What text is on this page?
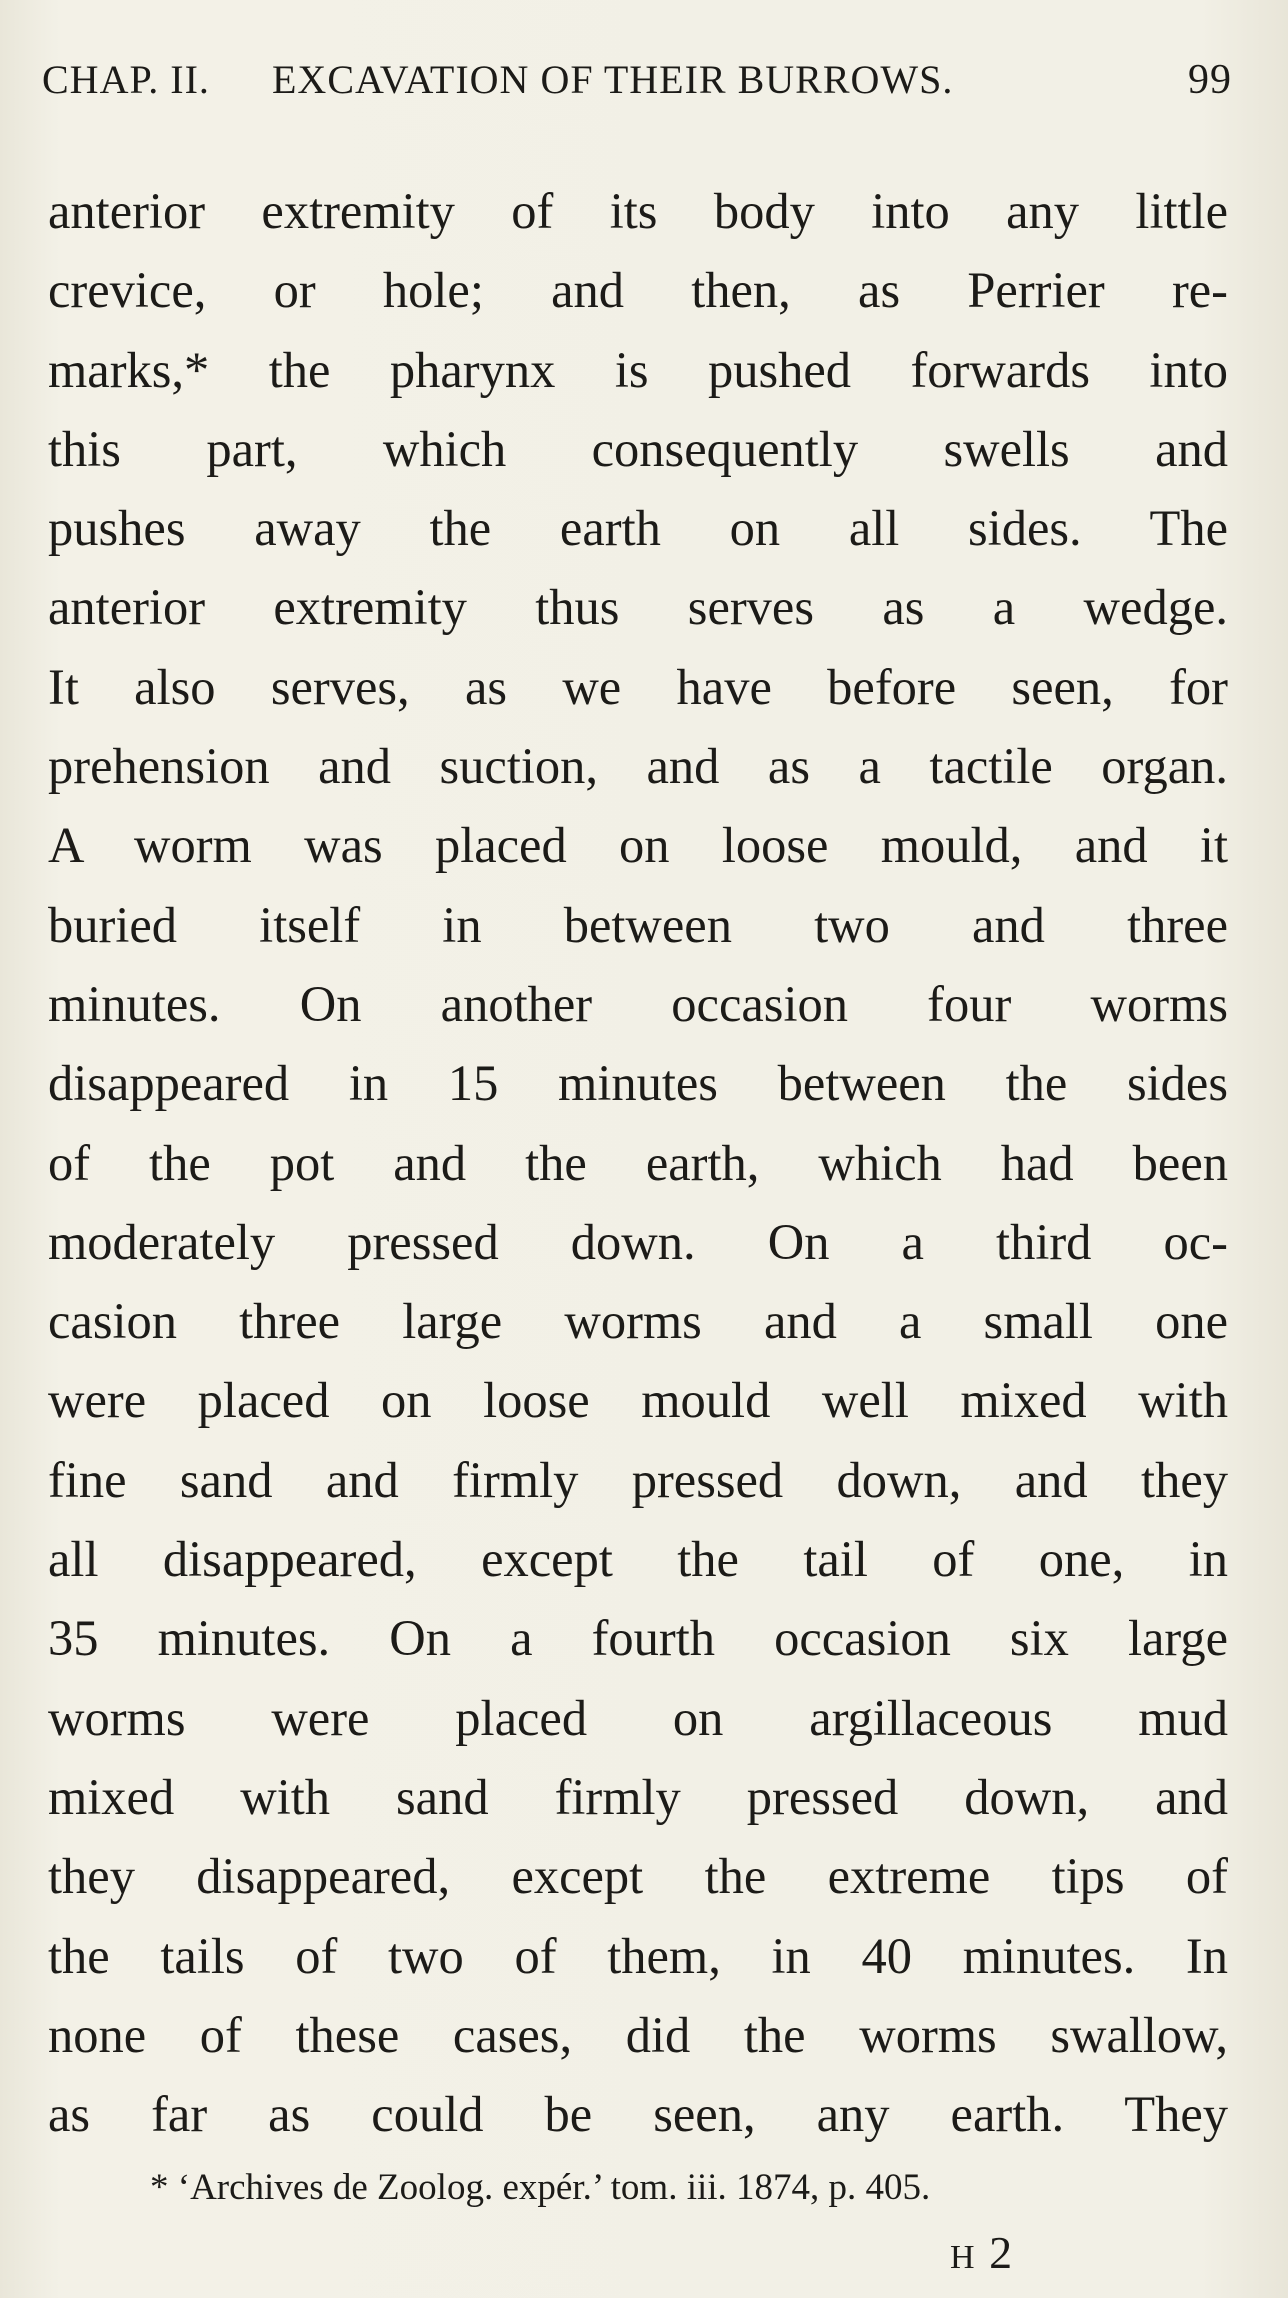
CHAP. II. EXCAVATION OF THEIR BURROWS.	99
anterior extremity of its body into any little
crevice, or hole; and then, as Perrier re-
marks,* the pharynx is pushed forwards into
this part, which consequently swells and
pushes away the earth on all sides. The
anterior extremity thus serves as a wedge.
It also serves, as we have before seen, for
prehension and suction, and as a tactile organ.
A worm was placed on loose mould, and it
buried itself in between two and three
minutes. On another occasion four worms
disappeared in 15 minutes between the sides
of the pot and the earth, which had been
moderately pressed down. On a third oc-
casion three large worms and a small one
were placed on loose mould well mixed with
fine sand and firmly pressed down, and they
all disappeared, except the tail of one, in
35 minutes. On a fourth occasion six large
worms were placed on argillaceous mud
mixed with sand firmly pressed down, and
they disappeared, except the extreme tips of
the tails of two of them, in 40 minutes. In
none of these cases, did the worms swallow,
as far as could be seen, any earth. They
* ‘Archives de Zoolog. expér.’ tom. iii. 1874, p. 405.
H 2
